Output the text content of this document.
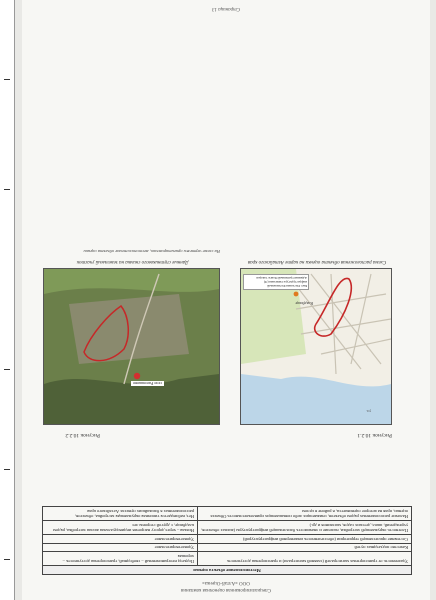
Специализированная оценочная компания
ООО «Алтай-Оценка»
Местоположение объекта оценки	
Удаленность от транспортных магистралей (главной магистрали) и транспортная доступность	Подъезд неограниченный – свободный, транспортная доступность – хорошая
Качество подъездных путей	Удовлетворительное
Состояние прилегающей территории (обеспеченность инженерной инфраструктурой)	Удовлетворительное
Плотность окружающей застройки, наличие и значимость близлежащей инфраструктуры (жилых объектов, учреждений, школ, детских садов, магазинов и др.)	Низкая – через дорогу напротив индивидуальная жилая застройка, рядом кладбище, с другой стороны лес
Наличие расположенных рядом объектов, снижающих либо повышающих привлекательность Объекта оценки, прав на которое оценивается, в районе в целом	Нет, наблюдается типичная окружающая застройка, объектов, расположенных в ближайших пунктах Алтайского края
Рисунок 10.2.1
Рисунок 10.2.2
Кладбище
ул.
Быт. Песчаная Расхвожный инфраструктуре типичная (Л) Административный Поиск товаров
село Рассошково
Схема расположения объекта оценки на карте Алтайского края
Данные спутникового снимка на земельный участок
На схеме чертежи ориентировочно, местоположение объекта оценки
Страница 13
